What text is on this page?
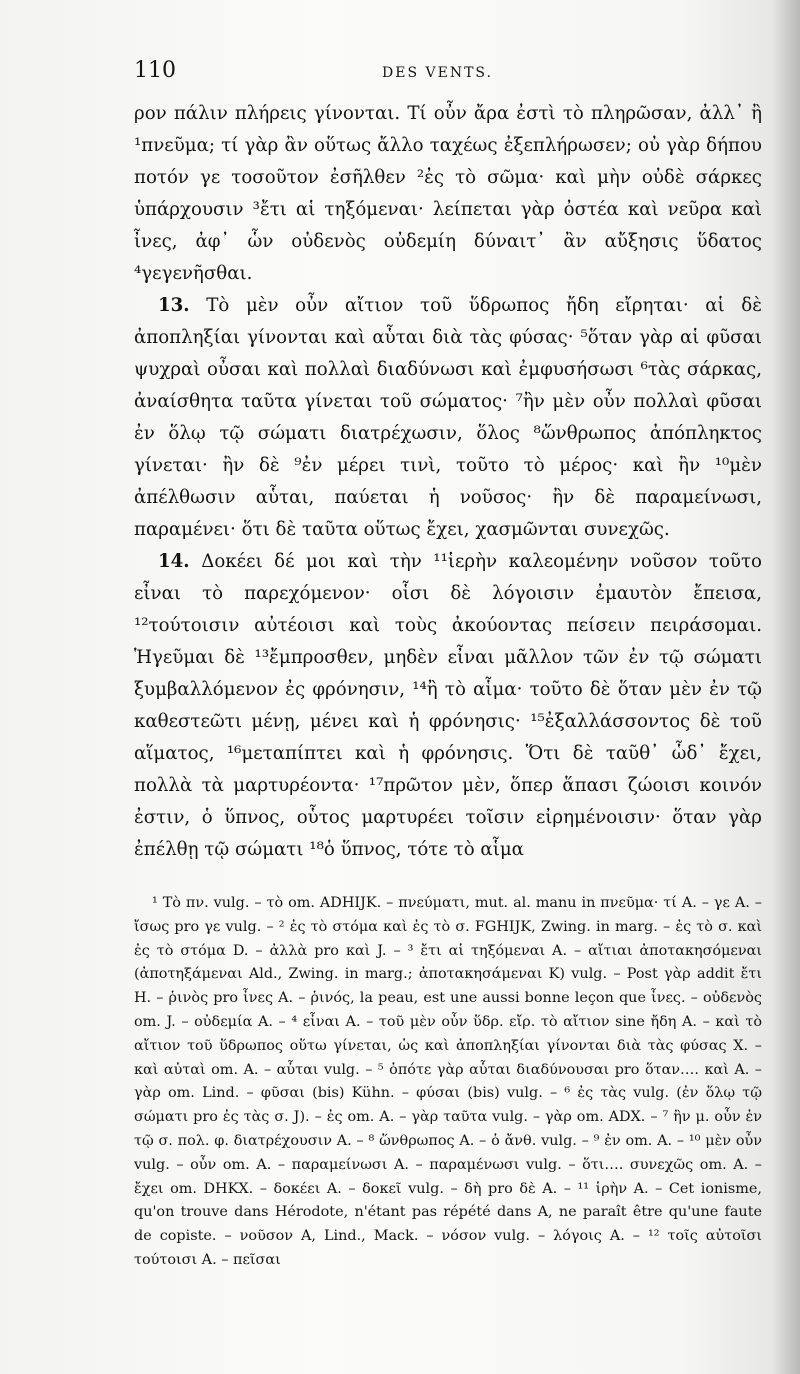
110	DES VENTS.

ρον πάλιν πλήρεις γίνονται. Τί οὖν ἄρα ἐστὶ τὸ πληρῶσαν, ἀλλ᾽ ἢ ¹πνεῦμα; τί γὰρ ἂν οὕτως ἄλλο ταχέως ἐξεπλήρωσεν; οὐ γὰρ δήπου ποτόν γε τοσοῦτον ἐσῆλθεν ²ἐς τὸ σῶμα· καὶ μὴν οὐδὲ σάρκες ὑπάρχουσιν ³ἔτι αἱ τηξόμεναι· λείπεται γὰρ ὀστέα καὶ νεῦρα καὶ ἶνες, ἀφ᾽ ὧν οὐδενὸς οὐδεμίη δύναιτ᾽ ἂν αὔξησις ὕδατος ⁴γεγενῆσθαι.

13. Τὸ μὲν οὖν αἴτιον τοῦ ὕδρωπος ἤδη εἴρηται· αἱ δὲ ἀποπληξίαι γίνονται καὶ αὗται διὰ τὰς φύσας· ⁵ὅταν γὰρ αἱ φῦσαι ψυχραὶ οὖσαι καὶ πολλαὶ διαδύνωσι καὶ ἐμφυσήσωσι ⁶τὰς σάρκας, ἀναίσθητα ταῦτα γίνεται τοῦ σώματος· ⁷ἢν μὲν οὖν πολλαὶ φῦσαι ἐν ὅλῳ τῷ σώματι διατρέχωσιν, ὅλος ⁸ὥνθρωπος ἀπόπληκτος γίνεται· ἢν δὲ ⁹ἐν μέρει τινὶ, τοῦτο τὸ μέρος· καὶ ἢν ¹⁰μὲν ἀπέλθωσιν αὗται, παύεται ἡ νοῦσος· ἢν δὲ παραμείνωσι, παραμένει· ὅτι δὲ ταῦτα οὕτως ἔχει, χασμῶνται συνεχῶς.

14. Δοκέει δέ μοι καὶ τὴν ¹¹ἱερὴν καλεομένην νοῦσον τοῦτο εἶναι τὸ παρεχόμενον· οἷσι δὲ λόγοισιν ἐμαυτὸν ἔπεισα, ¹²τούτοισιν αὐτέοισι καὶ τοὺς ἀκούοντας πείσειν πειράσομαι. Ἡγεῦμαι δὲ ¹³ἔμπροσθεν, μηδὲν εἶναι μᾶλλον τῶν ἐν τῷ σώματι ξυμβαλλόμενον ἐς φρόνησιν, ¹⁴ἢ τὸ αἷμα· τοῦτο δὲ ὅταν μὲν ἐν τῷ καθεστεῶτι μένῃ, μένει καὶ ἡ φρόνησις· ¹⁵ἐξαλλάσσοντος δὲ τοῦ αἵματος, ¹⁶μεταπίπτει καὶ ἡ φρόνησις. Ὅτι δὲ ταῦθ᾽ ὧδ᾽ ἔχει, πολλὰ τὰ μαρτυρέοντα· ¹⁷πρῶτον μὲν, ὅπερ ἅπασι ζώοισι κοινόν ἐστιν, ὁ ὕπνος, οὗτος μαρτυρέει τοῖσιν εἰρημένοισιν· ὅταν γὰρ ἐπέλθῃ τῷ σώματι ¹⁸ὁ ὕπνος, τότε τὸ αἷμα

¹ Τὸ πν. vulg. – τὸ om. ADHIJK. – πνεύματι, mut. al. manu in πνεῦμα· τί A. – γε A. – ἴσως pro γε vulg. – ² ἐς τὸ στόμα καὶ ἐς τὸ σ. FGHIJK, Zwing. in marg. – ἐς τὸ σ. καὶ ἐς τὸ στόμα D. – ἀλλὰ pro καὶ J. – ³ ἔτι αἱ τηξόμεναι A. – αἴτιαι ἀποτακησόμεναι (ἀποτηξάμεναι Ald., Zwing. in marg.; ἀποτακησάμεναι K) vulg. – Post γὰρ addit ἔτι H. – ῥινὸς pro ἶνες A. – ῥινός, la peau, est une aussi bonne leçon que ἶνες. – οὐδενὸς om. J. – οὐδεμία A. – ⁴ εἶναι A. – τοῦ μὲν οὖν ὕδρ. εἴρ. τὸ αἴτιον sine ἤδη A. – καὶ τὸ αἴτιον τοῦ ὕδρωπος οὕτω γίνεται, ὡς καὶ ἀποπληξίαι γίνονται διὰ τὰς φύσας X. – καὶ αὐταὶ om. A. – αὗται vulg. – ⁵ ὁπότε γὰρ αὗται διαδύνουσαι pro ὅταν…. καὶ A. – γὰρ om. Lind. – φῦσαι (bis) Kühn. – φύσαι (bis) vulg. – ⁶ ἐς τὰς vulg. (ἐν ὅλῳ τῷ σώματι pro ἐς τὰς σ. J). – ἐς om. A. – γὰρ ταῦτα vulg. – γὰρ om. ADX. – ⁷ ἢν μ. οὖν ἐν τῷ σ. πολ. φ. διατρέχουσιν A. – ⁸ ὥνθρωπος A. – ὁ ἄνθ. vulg. – ⁹ ἐν om. A. – ¹⁰ μὲν οὖν vulg. – οὖν om. A. – παραμείνωσι A. – παραμένωσι vulg. – ὅτι…. συνεχῶς om. A. – ἔχει om. DHKX. – δοκέει A. – δοκεῖ vulg. – δὴ pro δὲ A. – ¹¹ ἱρὴν A. – Cet ionisme, qu'on trouve dans Hérodote, n'étant pas répété dans A, ne paraît être qu'une faute de copiste. – νοῦσον A, Lind., Mack. – νόσον vulg. – λόγοις A. – ¹² τοῖς αὐτοῖσι τούτοισι A. – πεῖσαι
